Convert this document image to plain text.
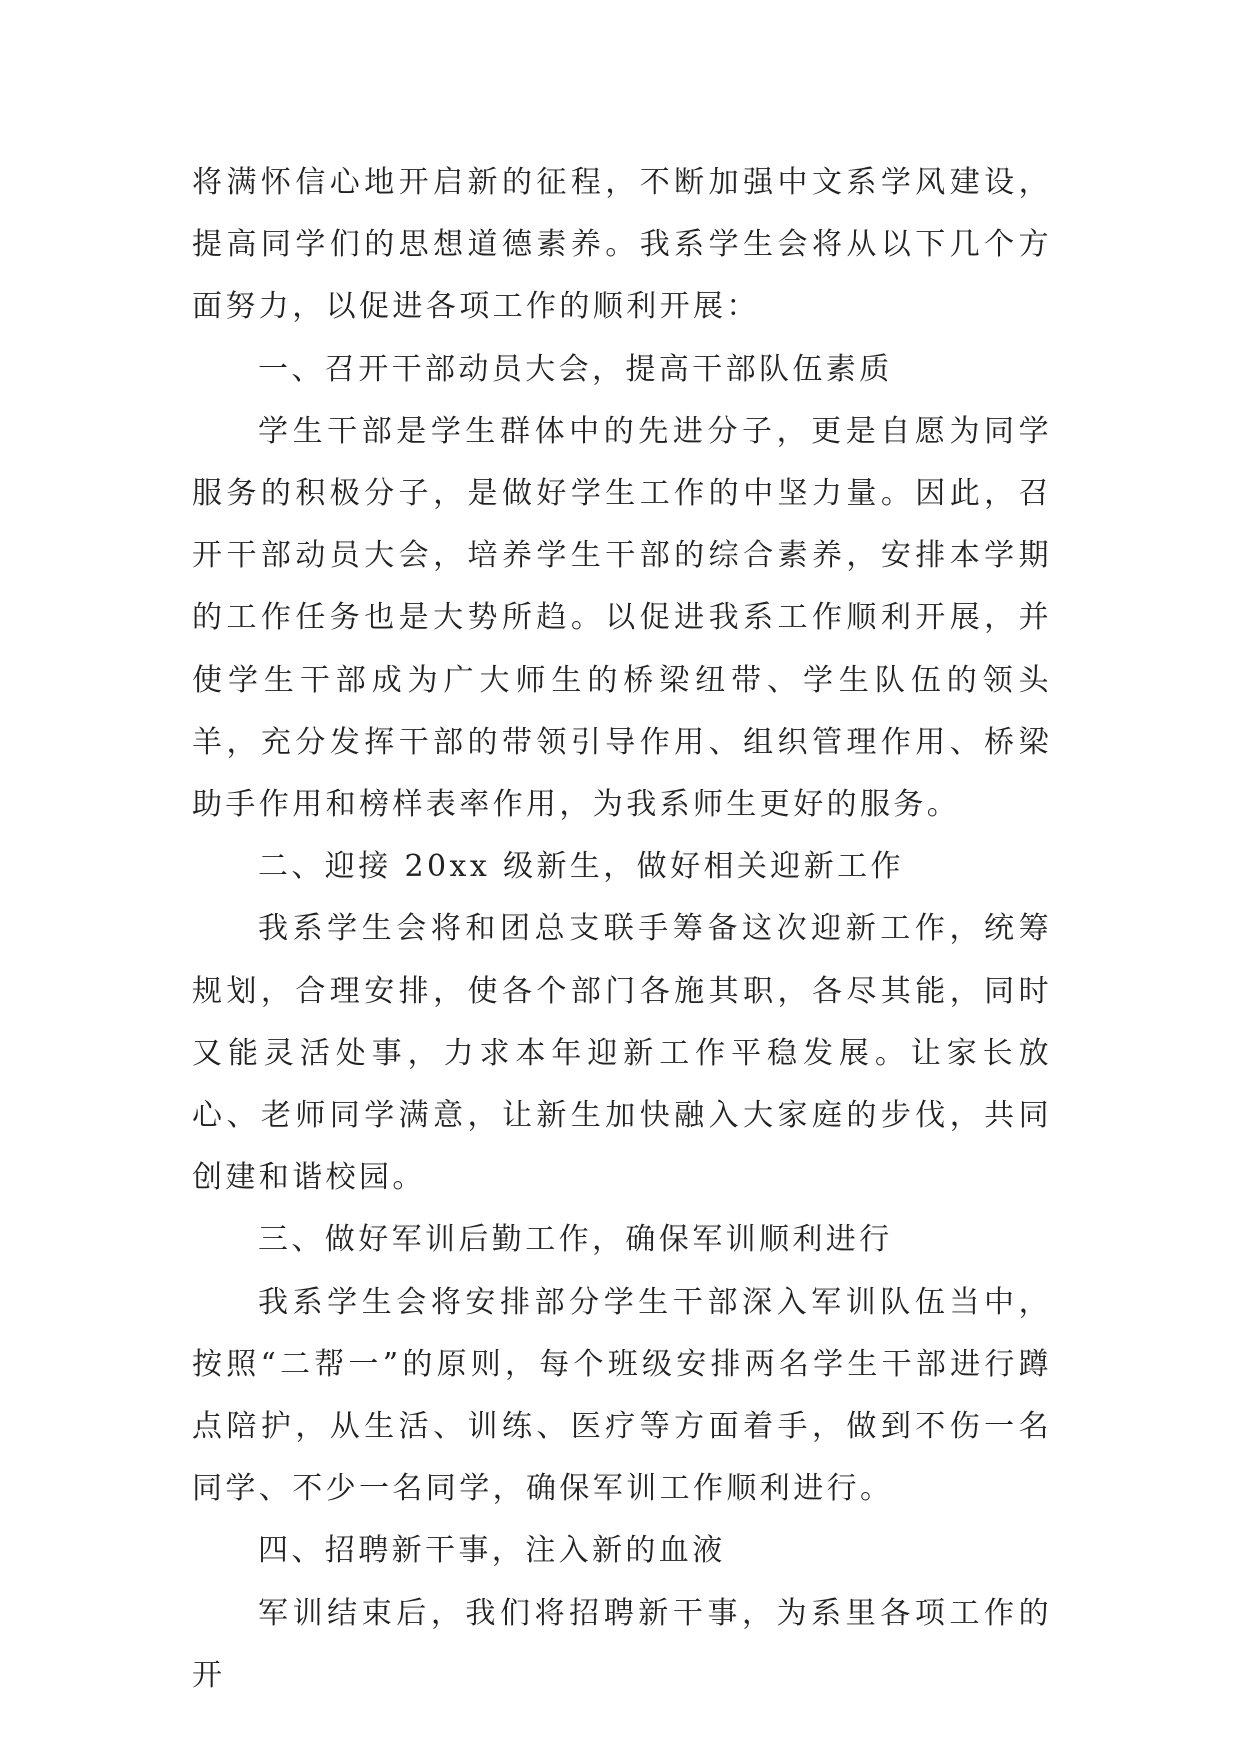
将满怀信心地开启新的征程，不断加强中文系学风建设，提高同学们的思想道德素养。我系学生会将从以下几个方面努力，以促进各项工作的顺利开展：

一、召开干部动员大会，提高干部队伍素质

学生干部是学生群体中的先进分子，更是自愿为同学服务的积极分子，是做好学生工作的中坚力量。因此，召开干部动员大会，培养学生干部的综合素养，安排本学期的工作任务也是大势所趋。以促进我系工作顺利开展，并使学生干部成为广大师生的桥梁纽带、学生队伍的领头羊，充分发挥干部的带领引导作用、组织管理作用、桥梁助手作用和榜样表率作用，为我系师生更好的服务。

二、迎接 20xx 级新生，做好相关迎新工作

我系学生会将和团总支联手筹备这次迎新工作，统筹规划，合理安排，使各个部门各施其职，各尽其能，同时又能灵活处事，力求本年迎新工作平稳发展。让家长放心、老师同学满意，让新生加快融入大家庭的步伐，共同创建和谐校园。

三、做好军训后勤工作，确保军训顺利进行

我系学生会将安排部分学生干部深入军训队伍当中，按照“二帮一”的原则，每个班级安排两名学生干部进行蹲点陪护，从生活、训练、医疗等方面着手，做到不伤一名同学、不少一名同学，确保军训工作顺利进行。

四、招聘新干事，注入新的血液

军训结束后，我们将招聘新干事，为系里各项工作的开
